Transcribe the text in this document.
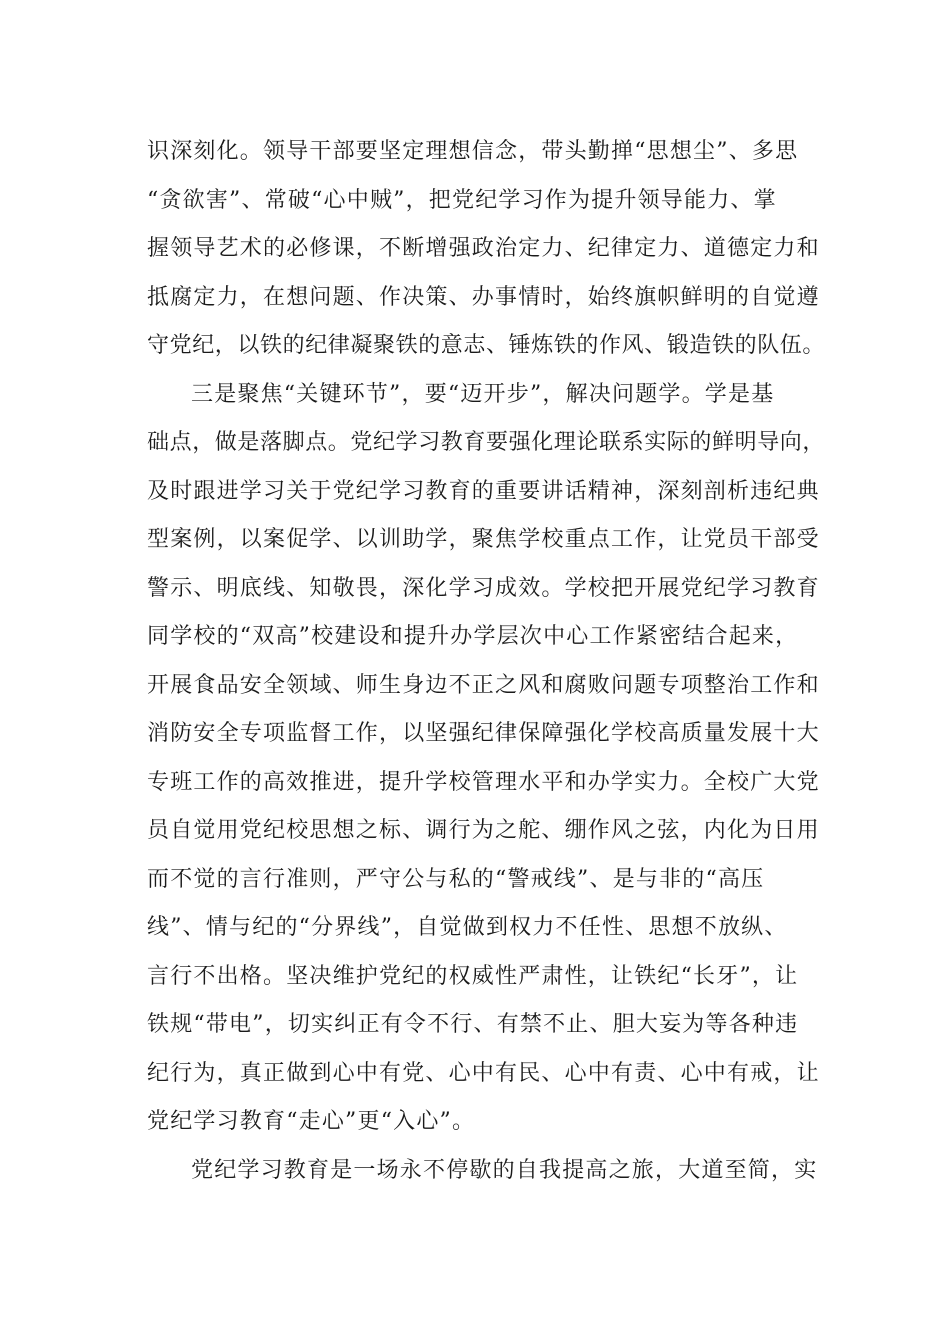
识深刻化。领导干部要坚定理想信念，带头勤掸“思想尘”、多思
“贪欲害”、常破“心中贼”，把党纪学习作为提升领导能力、掌
握领导艺术的必修课，不断增强政治定力、纪律定力、道德定力和
抵腐定力，在想问题、作决策、办事情时，始终旗帜鲜明的自觉遵
守党纪，以铁的纪律凝聚铁的意志、锤炼铁的作风、锻造铁的队伍。
三是聚焦“关键环节”，要“迈开步”，解决问题学。学是基
础点，做是落脚点。党纪学习教育要强化理论联系实际的鲜明导向，
及时跟进学习关于党纪学习教育的重要讲话精神，深刻剖析违纪典
型案例，以案促学、以训助学，聚焦学校重点工作，让党员干部受
警示、明底线、知敬畏，深化学习成效。学校把开展党纪学习教育
同学校的“双高”校建设和提升办学层次中心工作紧密结合起来，
开展食品安全领域、师生身边不正之风和腐败问题专项整治工作和
消防安全专项监督工作，以坚强纪律保障强化学校高质量发展十大
专班工作的高效推进，提升学校管理水平和办学实力。全校广大党
员自觉用党纪校思想之标、调行为之舵、绷作风之弦，内化为日用
而不觉的言行准则，严守公与私的“警戒线”、是与非的“高压
线”、情与纪的“分界线”，自觉做到权力不任性、思想不放纵、
言行不出格。坚决维护党纪的权威性严肃性，让铁纪“长牙”，让
铁规“带电”，切实纠正有令不行、有禁不止、胆大妄为等各种违
纪行为，真正做到心中有党、心中有民、心中有责、心中有戒，让
党纪学习教育“走心”更“入心”。
党纪学习教育是一场永不停歇的自我提高之旅，大道至简，实
